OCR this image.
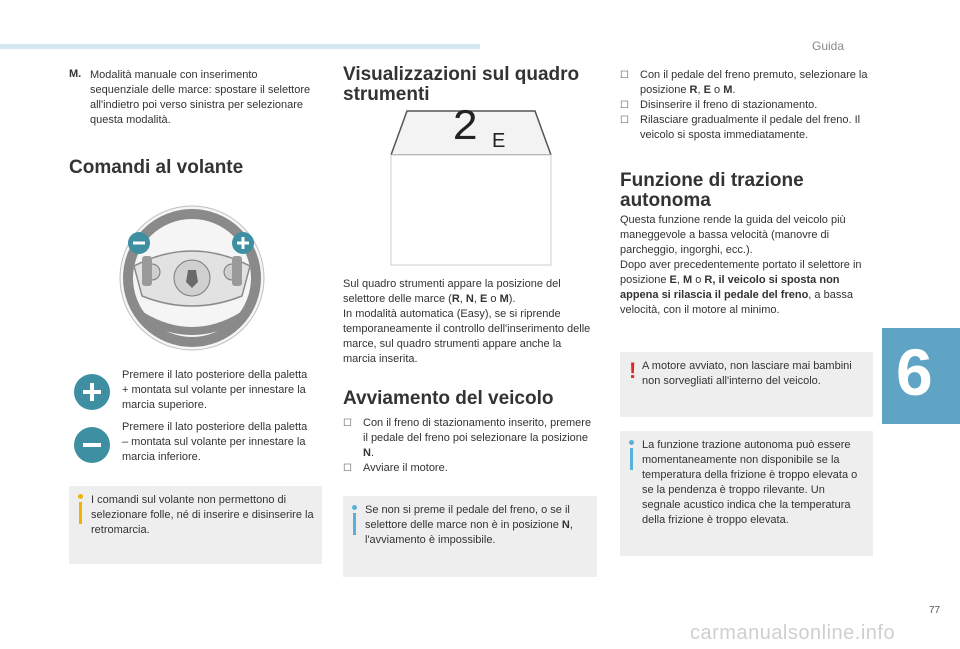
Guida
6
M. Modalità manuale con inserimento sequenziale delle marce: spostare il selettore all'indietro poi verso sinistra per selezionare questa modalità.

Comandi al volante

Premere il lato posteriore della paletta + montata sul volante per innestare la marcia superiore.

Premere il lato posteriore della paletta – montata sul volante per innestare la marcia inferiore.

I comandi sul volante non permettono di selezionare folle, né di inserire e disinserire la retromarcia.

Visualizzazioni sul quadro strumenti
2 E

Sul quadro strumenti appare la posizione del selettore delle marce (R, N, E o M).

In modalità automatica (Easy), se si riprende temporaneamente il controllo dell'inserimento delle marce, sul quadro strumenti appare anche la marcia inserita.

Avviamento del veicolo

☐ Con il freno di stazionamento inserito, premere il pedale del freno poi selezionare la posizione N.

☐ Avviare il motore.

Se non si preme il pedale del freno, o se il selettore delle marce non è in posizione N, l'avviamento è impossibile.

☐ Con il pedale del freno premuto, selezionare la posizione R, E o M.

☐ Disinserire il freno di stazionamento.

☐ Rilasciare gradualmente il pedale del freno. Il veicolo si sposta immediatamente.

Funzione di trazione autonoma

Questa funzione rende la guida del veicolo più maneggevole a bassa velocità (manovre di parcheggio, ingorghi, ecc.).

Dopo aver precedentemente portato il selettore in posizione E, M o R, il veicolo si sposta non appena si rilascia il pedale del freno, a bassa velocità, con il motore al minimo.

! A motore avviato, non lasciare mai bambini non sorvegliati all'interno del veicolo.

La funzione trazione autonoma può essere momentaneamente non disponibile se la temperatura della frizione è troppo elevata o se la pendenza è troppo rilevante. Un segnale acustico indica che la temperatura della frizione è troppo elevata.

77
carmanualsonline.info
